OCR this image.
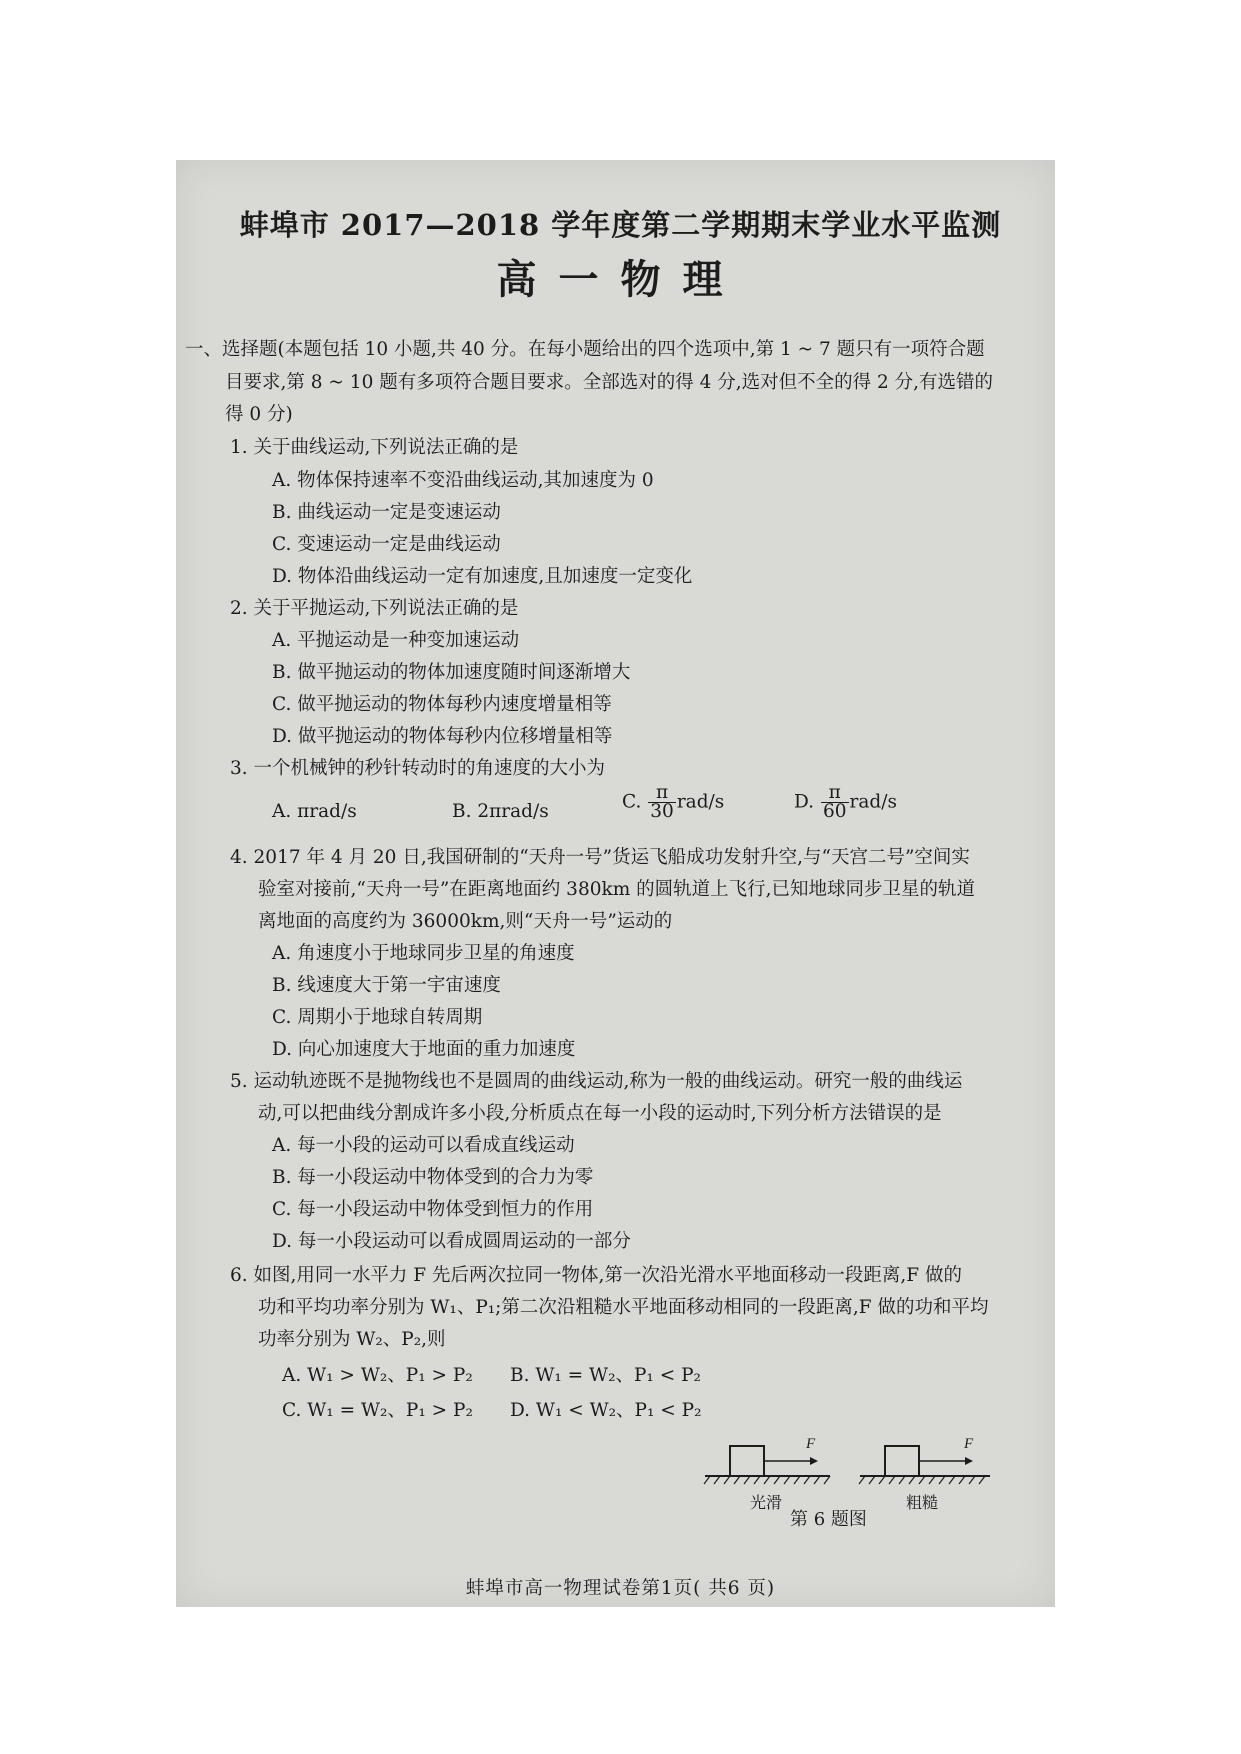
蚌埠市 2017—2018 学年度第二学期期末学业水平监测
高一物理
一、选择题(本题包括 10 小题,共 40 分。在每小题给出的四个选项中,第 1 ~ 7 题只有一项符合题
目要求,第 8 ~ 10 题有多项符合题目要求。全部选对的得 4 分,选对但不全的得 2 分,有选错的
得 0 分)
1. 关于曲线运动,下列说法正确的是
A. 物体保持速率不变沿曲线运动,其加速度为 0
B. 曲线运动一定是变速运动
C. 变速运动一定是曲线运动
D. 物体沿曲线运动一定有加速度,且加速度一定变化
2. 关于平抛运动,下列说法正确的是
A. 平抛运动是一种变加速运动
B. 做平抛运动的物体加速度随时间逐渐增大
C. 做平抛运动的物体每秒内速度增量相等
D. 做平抛运动的物体每秒内位移增量相等
3. 一个机械钟的秒针转动时的角速度的大小为
A. πrad/s	B. 2πrad/s	C. $\frac{\pi}{30} rad/s$	D. $\frac{\pi}{60} rad/s$
4. 2017 年 4 月 20 日,我国研制的“天舟一号”货运飞船成功发射升空,与“天宫二号”空间实
验室对接前,“天舟一号”在距离地面约 380km 的圆轨道上飞行,已知地球同步卫星的轨道
离地面的高度约为 36000km,则“天舟一号”运动的
A. 角速度小于地球同步卫星的角速度
B. 线速度大于第一宇宙速度
C. 周期小于地球自转周期
D. 向心加速度大于地面的重力加速度
5. 运动轨迹既不是抛物线也不是圆周的曲线运动,称为一般的曲线运动。研究一般的曲线运
动,可以把曲线分割成许多小段,分析质点在每一小段的运动时,下列分析方法错误的是
A. 每一小段的运动可以看成直线运动
B. 每一小段运动中物体受到的合力为零
C. 每一小段运动中物体受到恒力的作用
D. 每一小段运动可以看成圆周运动的一部分
6. 如图,用同一水平力 F 先后两次拉同一物体,第一次沿光滑水平地面移动一段距离,F 做的
功和平均功率分别为 W₁、P₁;第二次沿粗糙水平地面移动相同的一段距离,F 做的功和平均
功率分别为 W₂、P₂,则
A. W₁ > W₂、P₁ > P₂ B. W₁ = W₂、P₁ < P₂
C. W₁ = W₂、P₁ > P₂ D. W₁ < W₂、P₁ < P₂
F
光滑
F
粗糙
第 6 题图
蚌埠市高一物理试卷第1页( 共6 页)
